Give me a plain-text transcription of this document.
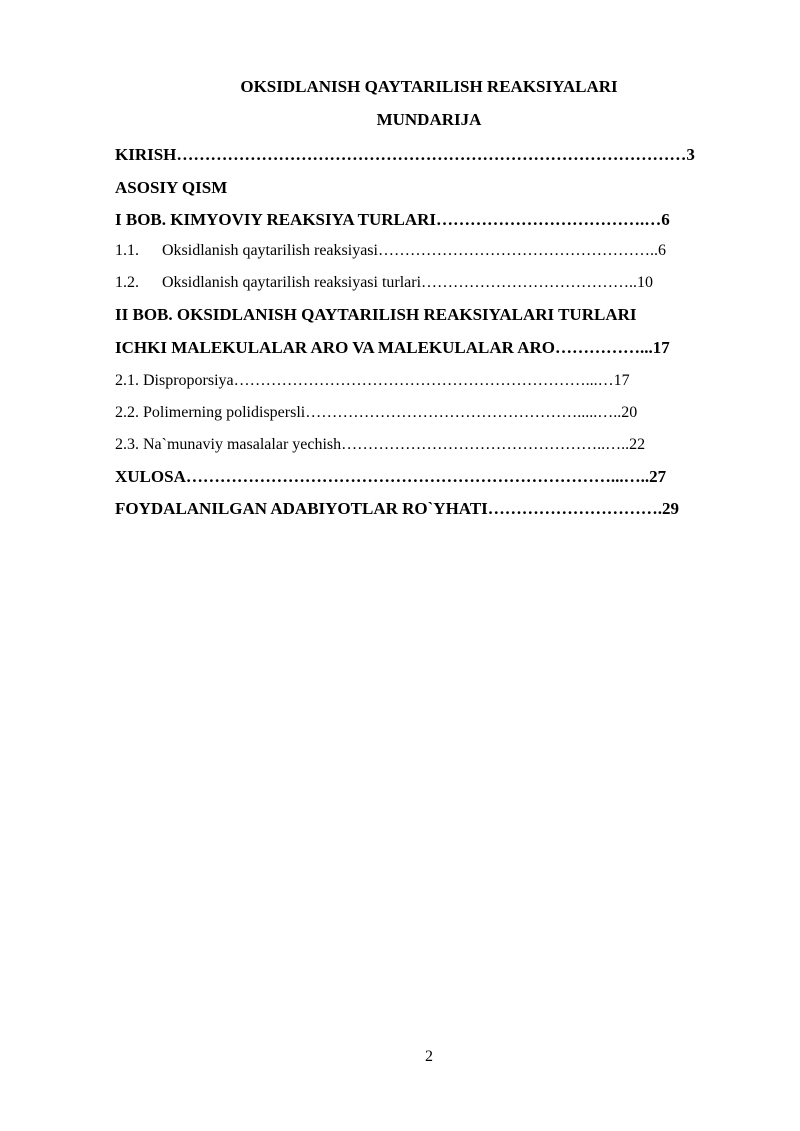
OKSIDLANISH QAYTARILISH REAKSIYALARI
MUNDARIJA
KIRISH………………………………………………………………………………3
ASOSIY QISM
I BOB. KIMYOVIY REAKSIYA TURLARI……………………………….…6
1.1. Oksidlanish qaytarilish reaksiyasi……………………………………………..6
1.2. Oksidlanish qaytarilish reaksiyasi turlari…………………………………..10
II BOB. OKSIDLANISH QAYTARILISH REAKSIYALARI TURLARI
ICHKI MALEKULALAR ARO VA MALEKULALAR ARO……………...17
2.1. Disproporsiya…………………………………………………………...…17
2.2. Polimerning polidispersli…………………………………………….....…..20
2.3. Na`munaviy masalalar yechish…………………………………………..…..22
XULOSA…………………………………………………………………...…..27
FOYDALANILGAN ADABIYOTLAR RO`YHATI………………………….29
2
